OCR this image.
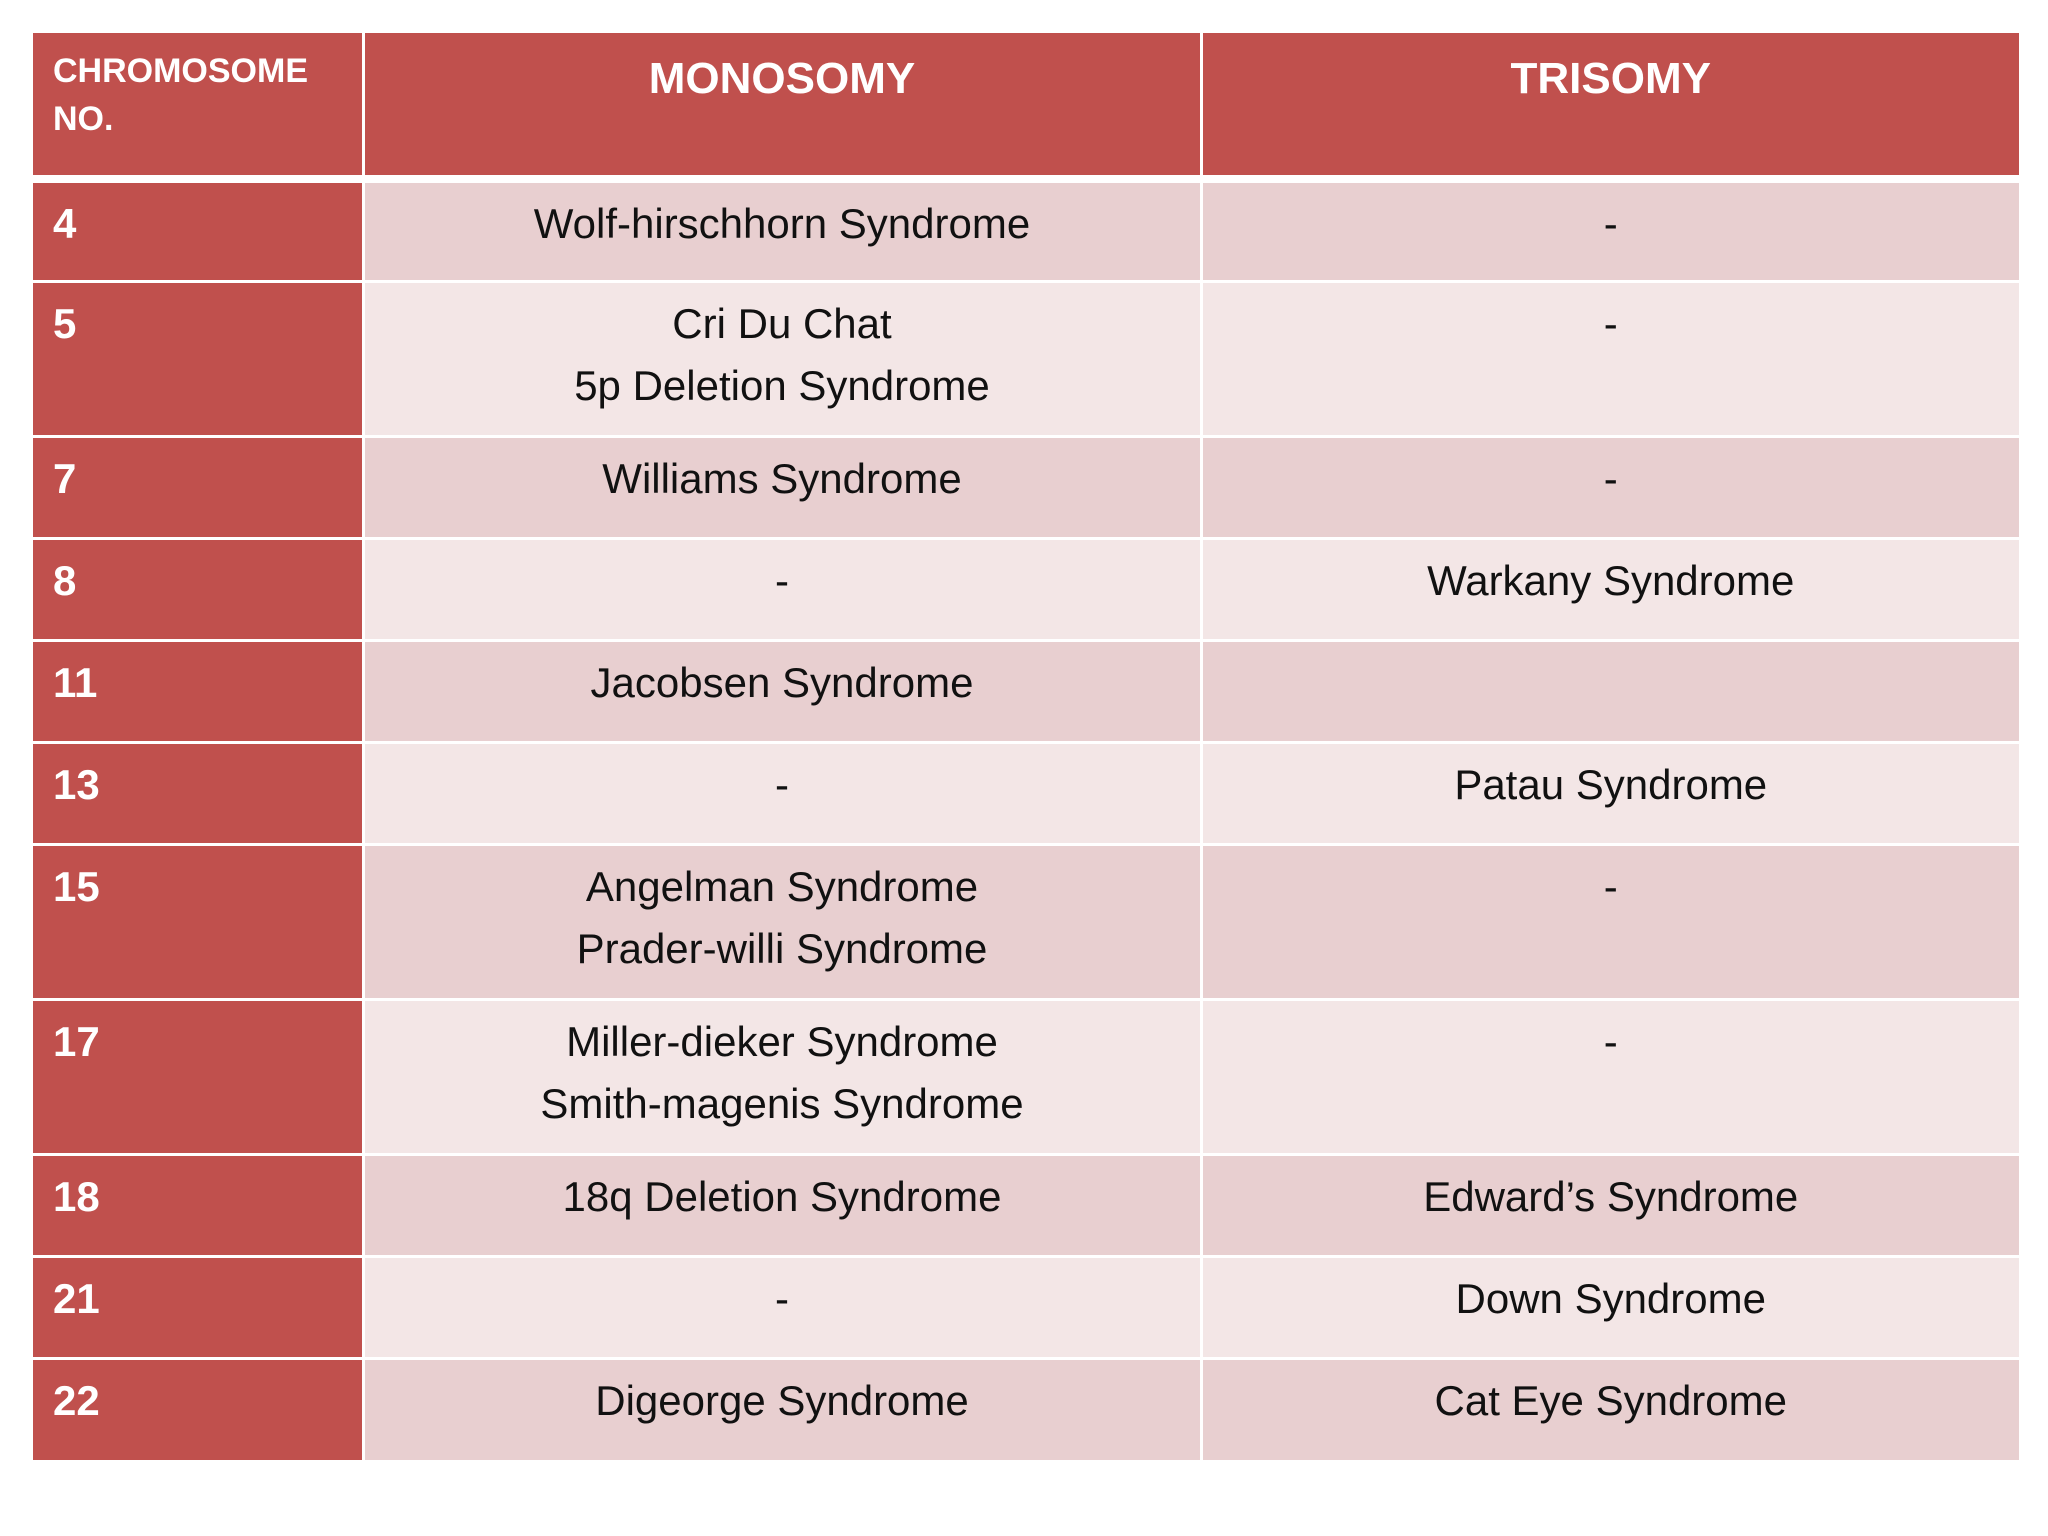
CHROMOSOME
NO.	MONOSOMY	TRISOMY
4	Wolf-hirschhorn Syndrome	-

5	Cri Du Chat
5p Deletion Syndrome	-

7	Williams Syndrome	-

8	-	Warkany Syndrome

11	Jacobsen Syndrome	

13	-	Patau Syndrome

15	Angelman Syndrome
Prader-willi Syndrome	-

17	Miller-dieker Syndrome
Smith-magenis Syndrome	-

18	18q Deletion Syndrome	Edward’s Syndrome

21	-	Down Syndrome

22	Digeorge Syndrome	Cat Eye Syndrome
